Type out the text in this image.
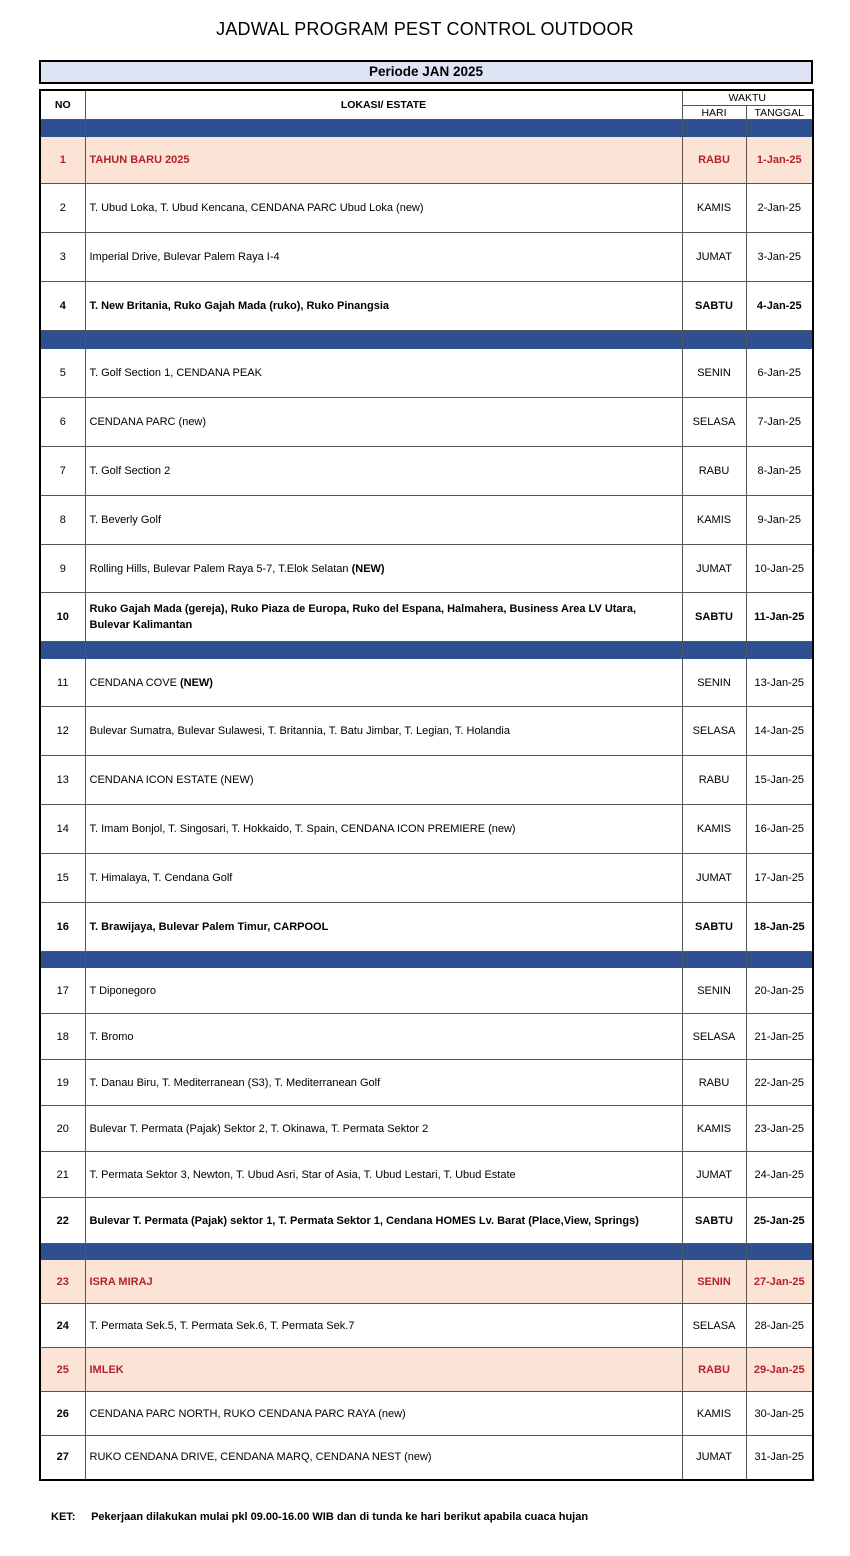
JADWAL PROGRAM PEST CONTROL OUTDOOR
Periode JAN 2025
NO	LOKASI/ ESTATE	WAKTU	
		HARI	TANGGAL

1	TAHUN BARU 2025	RABU	1-Jan-25
2	T. Ubud Loka, T. Ubud Kencana, CENDANA PARC Ubud Loka (new)	KAMIS	2-Jan-25
3	Imperial Drive, Bulevar Palem Raya I-4	JUMAT	3-Jan-25
4	T. New Britania, Ruko Gajah Mada (ruko), Ruko Pinangsia	SABTU	4-Jan-25

5	T. Golf Section 1, CENDANA PEAK	SENIN	6-Jan-25
6	CENDANA PARC (new)	SELASA	7-Jan-25
7	T. Golf Section 2	RABU	8-Jan-25
8	T. Beverly Golf	KAMIS	9-Jan-25
9	Rolling Hills, Bulevar Palem Raya 5-7, T.Elok Selatan (NEW)	JUMAT	10-Jan-25
10	Ruko Gajah Mada (gereja), Ruko Piaza de Europa, Ruko del Espana, Halmahera, Business Area LV Utara, Bulevar Kalimantan	SABTU	11-Jan-25

11	CENDANA COVE (NEW)	SENIN	13-Jan-25
12	Bulevar Sumatra, Bulevar Sulawesi, T. Britannia, T. Batu Jimbar, T. Legian, T. Holandia	SELASA	14-Jan-25
13	CENDANA ICON ESTATE (NEW)	RABU	15-Jan-25
14	T. Imam Bonjol, T. Singosari, T. Hokkaido, T. Spain, CENDANA ICON PREMIERE (new)	KAMIS	16-Jan-25
15	T. Himalaya, T. Cendana Golf	JUMAT	17-Jan-25
16	T. Brawijaya, Bulevar Palem Timur, CARPOOL	SABTU	18-Jan-25

17	T Diponegoro	SENIN	20-Jan-25
18	T. Bromo	SELASA	21-Jan-25
19	T. Danau Biru, T. Mediterranean (S3), T. Mediterranean Golf	RABU	22-Jan-25
20	Bulevar T. Permata (Pajak) Sektor 2, T. Okinawa, T. Permata Sektor 2	KAMIS	23-Jan-25
21	T. Permata Sektor 3, Newton, T. Ubud Asri, Star of Asia, T. Ubud Lestari, T. Ubud Estate	JUMAT	24-Jan-25
22	Bulevar T. Permata (Pajak) sektor 1, T. Permata Sektor 1, Cendana HOMES Lv. Barat (Place,View, Springs)	SABTU	25-Jan-25

23	ISRA MIRAJ	SENIN	27-Jan-25
24	T. Permata Sek.5, T. Permata Sek.6, T. Permata Sek.7	SELASA	28-Jan-25
25	IMLEK	RABU	29-Jan-25
26	CENDANA PARC NORTH, RUKO CENDANA PARC RAYA (new)	KAMIS	30-Jan-25
27	RUKO CENDANA DRIVE, CENDANA MARQ, CENDANA NEST (new)	JUMAT	31-Jan-25
KET: Pekerjaan dilakukan mulai pkl 09.00-16.00 WIB dan di tunda ke hari berikut apabila cuaca hujan
